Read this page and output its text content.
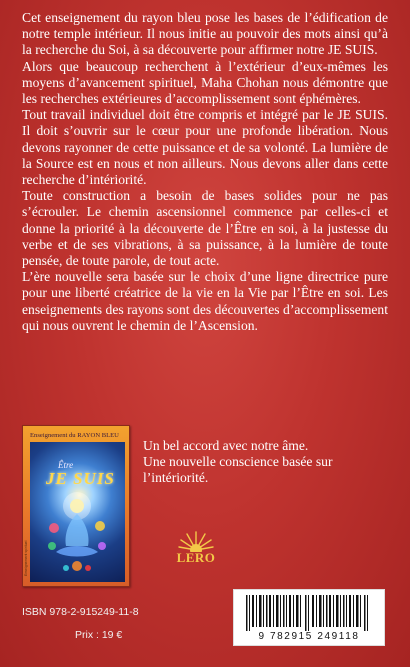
Cet enseignement du rayon bleu pose les bases de l’édification de notre temple intérieur. Il nous initie au pouvoir des mots ainsi qu’à la recherche du Soi, à sa découverte pour affirmer notre JE SUIS.

Alors que beaucoup recherchent à l’extérieur d’eux-mêmes les moyens d’avancement spirituel, Maha Chohan nous démontre que les recherches extérieures d’accomplissement sont éphémères.

Tout travail individuel doit être compris et intégré par le JE SUIS. Il doit s’ouvrir sur le cœur pour une profonde libération. Nous devons rayonner de cette puissance et de sa volonté. La lumière de la Source est en nous et non ailleurs. Nous devons aller dans cette recherche d’intériorité.

Toute construction a besoin de bases solides pour ne pas s’écrouler. Le chemin ascensionnel commence par celles-ci et donne la priorité à la découverte de l’Être en soi, à la justesse du verbe et de ses vibrations, à sa puissance, à la lumière de toute pensée, de toute parole, de tout acte.

L’ère nouvelle sera basée sur le choix d’une ligne directrice pure pour une liberté créatrice de la vie en la Vie par l’Être en soi. Les enseignements des rayons sont des découvertes d’accomplissement qui nous ouvrent le chemin de l’Ascension.

Enseignement du RAYON BLEU
Enseignement spirituel
Être
JE SUIS

Un bel accord avec notre âme.

Une nouvelle conscience basée sur l’intériorité.

LERO
ISBN 978-2-915249-11-8
Prix : 19 €	9 782915 249118
